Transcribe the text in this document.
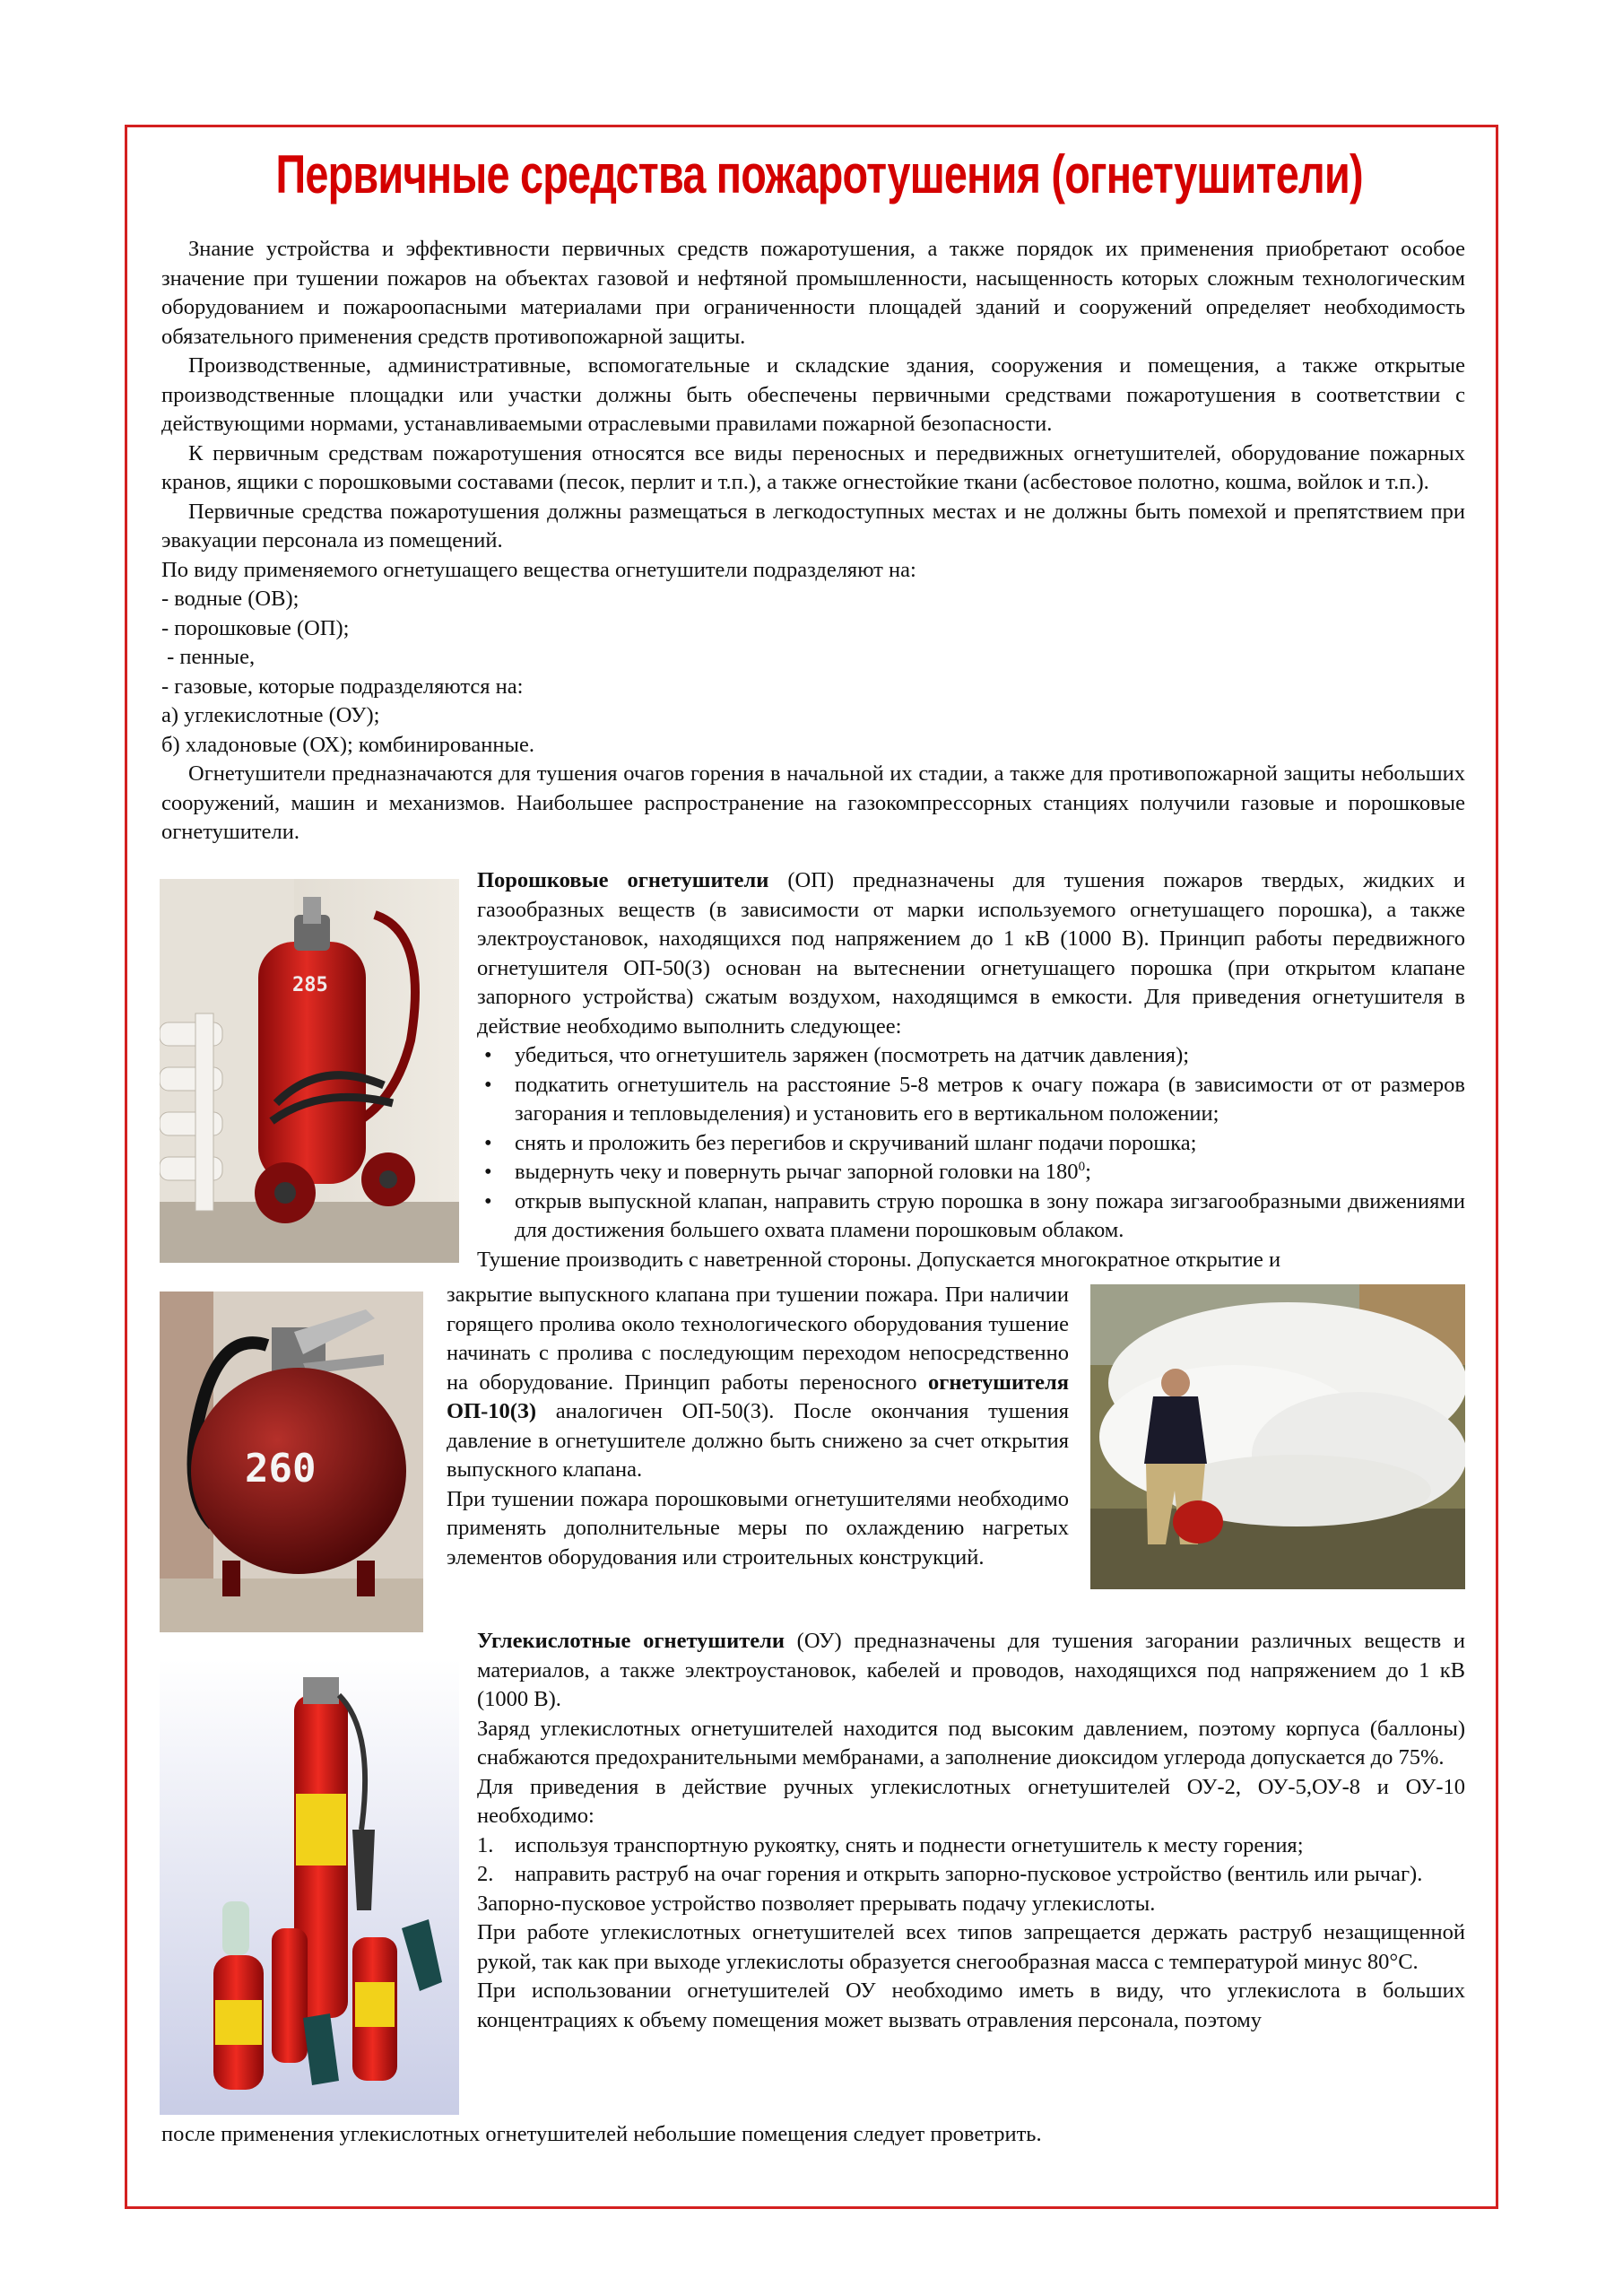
Первичные средства пожаротушения (огнетушители)

Знание устройства и эффективности первичных средств пожаротушения, а также порядок их применения приобретают особое значение при тушении пожаров на объектах газовой и нефтяной промышленности, насыщенность которых сложным технологическим оборудованием и пожароопасными материалами при ограниченности площадей зданий и сооружений определяет необходимость обязательного применения средств противопожарной защиты.

Производственные, административные, вспомогательные и складские здания, сооружения и помещения, а также открытые производственные площадки или участки должны быть обеспечены первичными средствами пожаротушения в соответствии с действующими нормами, устанавливаемыми отраслевыми правилами пожарной безопасности.

К первичным средствам пожаротушения относятся все виды переносных и передвижных огнетушителей, оборудование пожарных кранов, ящики с порошковыми составами (песок, перлит и т.п.), а также огнестойкие ткани (асбестовое полотно, кошма, войлок и т.п.).

Первичные средства пожаротушения должны размещаться в легкодоступных местах и не должны быть помехой и препятствием при эвакуации персонала из помещений.

По виду применяемого огнетушащего вещества огнетушители подразделяют на:

- водные (ОВ);

- порошковые (ОП);

- пенные,

- газовые, которые подразделяются на:

а) углекислотные (ОУ);

б) хладоновые (ОХ); комбинированные.

Огнетушители предназначаются для тушения очагов горения в начальной их стадии, а также для противопожарной защиты небольших сооружений, машин и механизмов. Наибольшее распространение на газокомпрессорных станциях получили газовые и порошковые огнетушители.

285

Порошковые огнетушители (ОП) предназначены для тушения пожаров твердых, жидких и газообразных веществ (в зависимости от марки используемого огнетушащего порошка), а также электроустановок, находящихся под напряжением до 1 кВ (1000 В). Принцип работы передвижного огнетушителя ОП-50(З) основан на вытеснении огнетушащего порошка (при открытом клапане запорного устройства) сжатым воздухом, находящимся в емкости. Для приведения огнетушителя в действие необходимо выполнить следующее:

• убедиться, что огнетушитель заряжен (посмотреть на датчик давления);
• подкатить огнетушитель на расстояние 5-8 метров к очагу пожара (в зависимости от от размеров загорания и тепловыделения) и установить его в вертикальном положении;
• снять и проложить без перегибов и скручиваний шланг подачи порошка;
• выдернуть чеку и повернуть рычаг запорной головки на $180^0$;
• открыв выпускной клапан, направить струю порошка в зону пожара зигзагообразными движениями для достижения большего охвата пламени порошковым облаком.

Тушение производить с наветренной стороны. Допускается многократное открытие и

260

закрытие выпускного клапана при тушении пожара. При наличии горящего пролива около технологического оборудования тушение начинать с пролива с последующим переходом непосредственно на оборудование. Принцип работы переносного огнетушителя ОП-10(З) аналогичен ОП-50(З). После окончания тушения давление в огнетушителе должно быть снижено за счет открытия выпускного клапана.

При тушении пожара порошковыми огнетушителями необходимо применять дополнительные меры по охлаждению нагретых элементов оборудования или строительных конструкций.

Углекислотные огнетушители (ОУ) предназначены для тушения загорании различных веществ и материалов, а также электроустановок, кабелей и проводов, находящихся под напряжением до 1 кВ (1000 В).

Заряд углекислотных огнетушителей находится под высоким давлением, поэтому корпуса (баллоны) снабжаются предохранительными мембранами, а заполнение диоксидом углерода допускается до 75%.

Для приведения в действие ручных углекислотных огнетушителей ОУ-2, ОУ-5,ОУ-8 и ОУ-10 необходимо:

1. используя транспортную рукоятку, снять и поднести огнетушитель к месту горения;
2. направить раструб на очаг горения и открыть запорно-пусковое устройство (вентиль или рычаг).

Запорно-пусковое устройство позволяет прерывать подачу углекислоты.

При работе углекислотных огнетушителей всех типов запрещается держать раструб незащищенной рукой, так как при выходе углекислоты образуется снегообразная масса с температурой минус 80°С.

При использовании огнетушителей ОУ необходимо иметь в виду, что углекислота в больших концентрациях к объему помещения может вызвать отравления персонала, поэтому

после применения углекислотных огнетушителей небольшие помещения следует проветрить.
